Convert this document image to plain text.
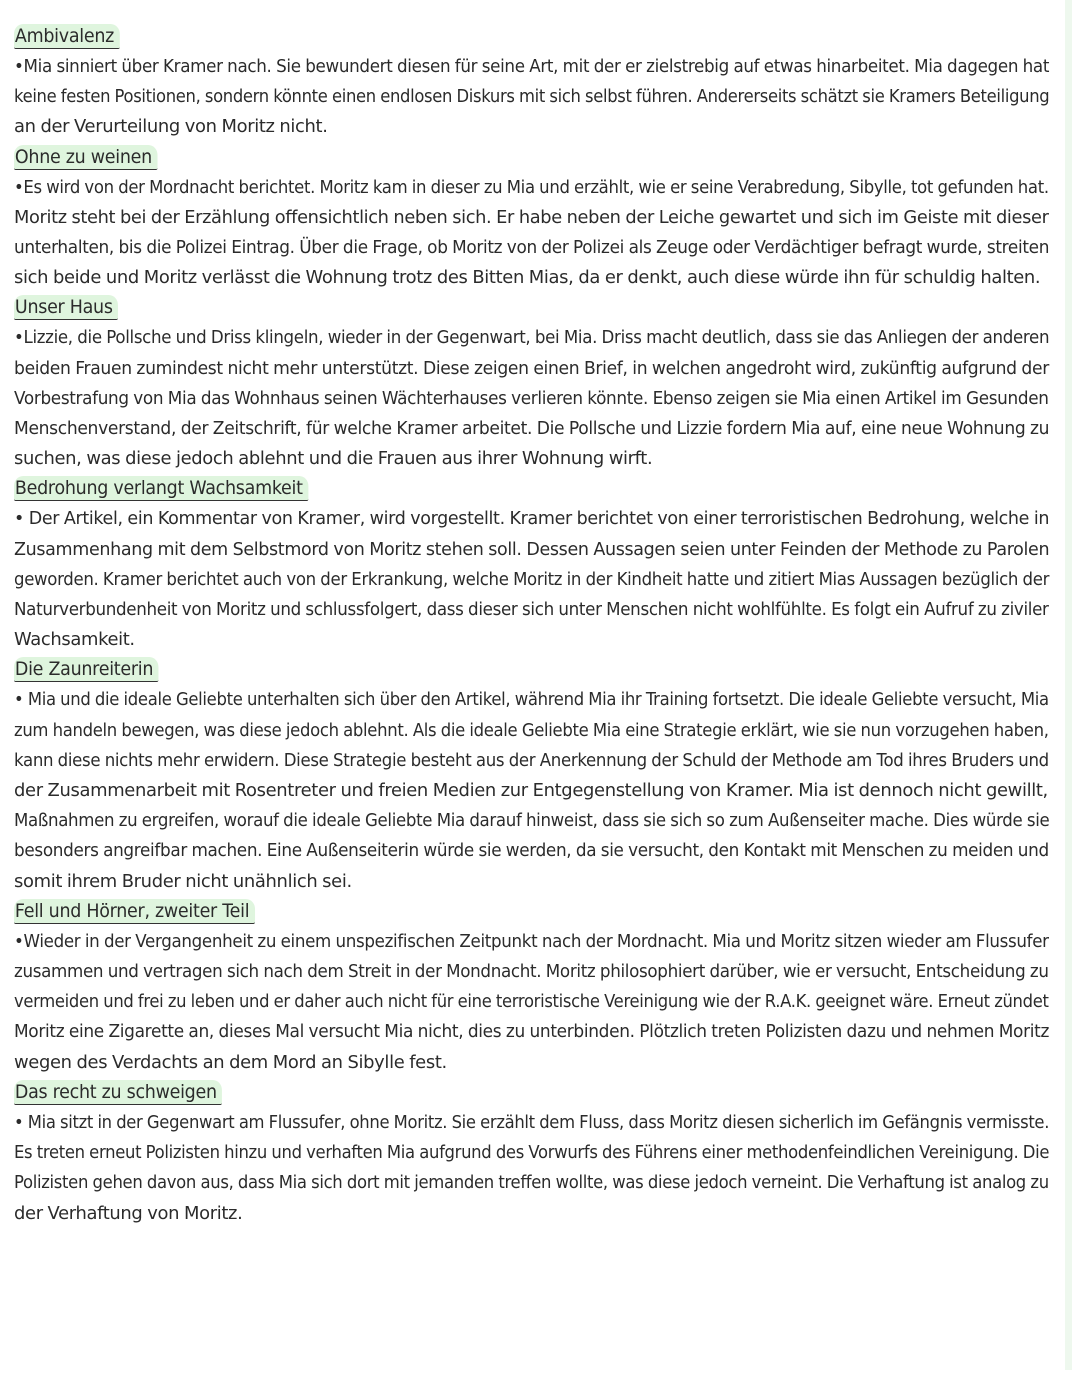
Ambivalenz
•Mia sinniert über Kramer nach. Sie bewundert diesen für seine Art, mit der er zielstrebig auf etwas hinarbeitet. Mia dagegen hat
keine festen Positionen, sondern könnte einen endlosen Diskurs mit sich selbst führen. Andererseits schätzt sie Kramers Beteiligung
an der Verurteilung von Moritz nicht.
Ohne zu weinen
•Es wird von der Mordnacht berichtet. Moritz kam in dieser zu Mia und erzählt, wie er seine Verabredung, Sibylle, tot gefunden hat.
Moritz steht bei der Erzählung offensichtlich neben sich. Er habe neben der Leiche gewartet und sich im Geiste mit dieser
unterhalten, bis die Polizei Eintrag. Über die Frage, ob Moritz von der Polizei als Zeuge oder Verdächtiger befragt wurde, streiten
sich beide und Moritz verlässt die Wohnung trotz des Bitten Mias, da er denkt, auch diese würde ihn für schuldig halten.
Unser Haus
•Lizzie, die Pollsche und Driss klingeln, wieder in der Gegenwart, bei Mia. Driss macht deutlich, dass sie das Anliegen der anderen
beiden Frauen zumindest nicht mehr unterstützt. Diese zeigen einen Brief, in welchen angedroht wird, zukünftig aufgrund der
Vorbestrafung von Mia das Wohnhaus seinen Wächterhauses verlieren könnte. Ebenso zeigen sie Mia einen Artikel im Gesunden
Menschenverstand, der Zeitschrift, für welche Kramer arbeitet. Die Pollsche und Lizzie fordern Mia auf, eine neue Wohnung zu
suchen, was diese jedoch ablehnt und die Frauen aus ihrer Wohnung wirft.
Bedrohung verlangt Wachsamkeit
• Der Artikel, ein Kommentar von Kramer, wird vorgestellt. Kramer berichtet von einer terroristischen Bedrohung, welche in
Zusammenhang mit dem Selbstmord von Moritz stehen soll. Dessen Aussagen seien unter Feinden der Methode zu Parolen
geworden. Kramer berichtet auch von der Erkrankung, welche Moritz in der Kindheit hatte und zitiert Mias Aussagen bezüglich der
Naturverbundenheit von Moritz und schlussfolgert, dass dieser sich unter Menschen nicht wohlfühlte. Es folgt ein Aufruf zu ziviler
Wachsamkeit.
Die Zaunreiterin
• Mia und die ideale Geliebte unterhalten sich über den Artikel, während Mia ihr Training fortsetzt. Die ideale Geliebte versucht, Mia
zum handeln bewegen, was diese jedoch ablehnt. Als die ideale Geliebte Mia eine Strategie erklärt, wie sie nun vorzugehen haben,
kann diese nichts mehr erwidern. Diese Strategie besteht aus der Anerkennung der Schuld der Methode am Tod ihres Bruders und
der Zusammenarbeit mit Rosentreter und freien Medien zur Entgegenstellung von Kramer. Mia ist dennoch nicht gewillt,
Maßnahmen zu ergreifen, worauf die ideale Geliebte Mia darauf hinweist, dass sie sich so zum Außenseiter mache. Dies würde sie
besonders angreifbar machen. Eine Außenseiterin würde sie werden, da sie versucht, den Kontakt mit Menschen zu meiden und
somit ihrem Bruder nicht unähnlich sei.
Fell und Hörner, zweiter Teil
•Wieder in der Vergangenheit zu einem unspezifischen Zeitpunkt nach der Mordnacht. Mia und Moritz sitzen wieder am Flussufer
zusammen und vertragen sich nach dem Streit in der Mondnacht. Moritz philosophiert darüber, wie er versucht, Entscheidung zu
vermeiden und frei zu leben und er daher auch nicht für eine terroristische Vereinigung wie der R.A.K. geeignet wäre. Erneut zündet
Moritz eine Zigarette an, dieses Mal versucht Mia nicht, dies zu unterbinden. Plötzlich treten Polizisten dazu und nehmen Moritz
wegen des Verdachts an dem Mord an Sibylle fest.
Das recht zu schweigen
• Mia sitzt in der Gegenwart am Flussufer, ohne Moritz. Sie erzählt dem Fluss, dass Moritz diesen sicherlich im Gefängnis vermisste.
Es treten erneut Polizisten hinzu und verhaften Mia aufgrund des Vorwurfs des Führens einer methodenfeindlichen Vereinigung. Die
Polizisten gehen davon aus, dass Mia sich dort mit jemanden treffen wollte, was diese jedoch verneint. Die Verhaftung ist analog zu
der Verhaftung von Moritz.
